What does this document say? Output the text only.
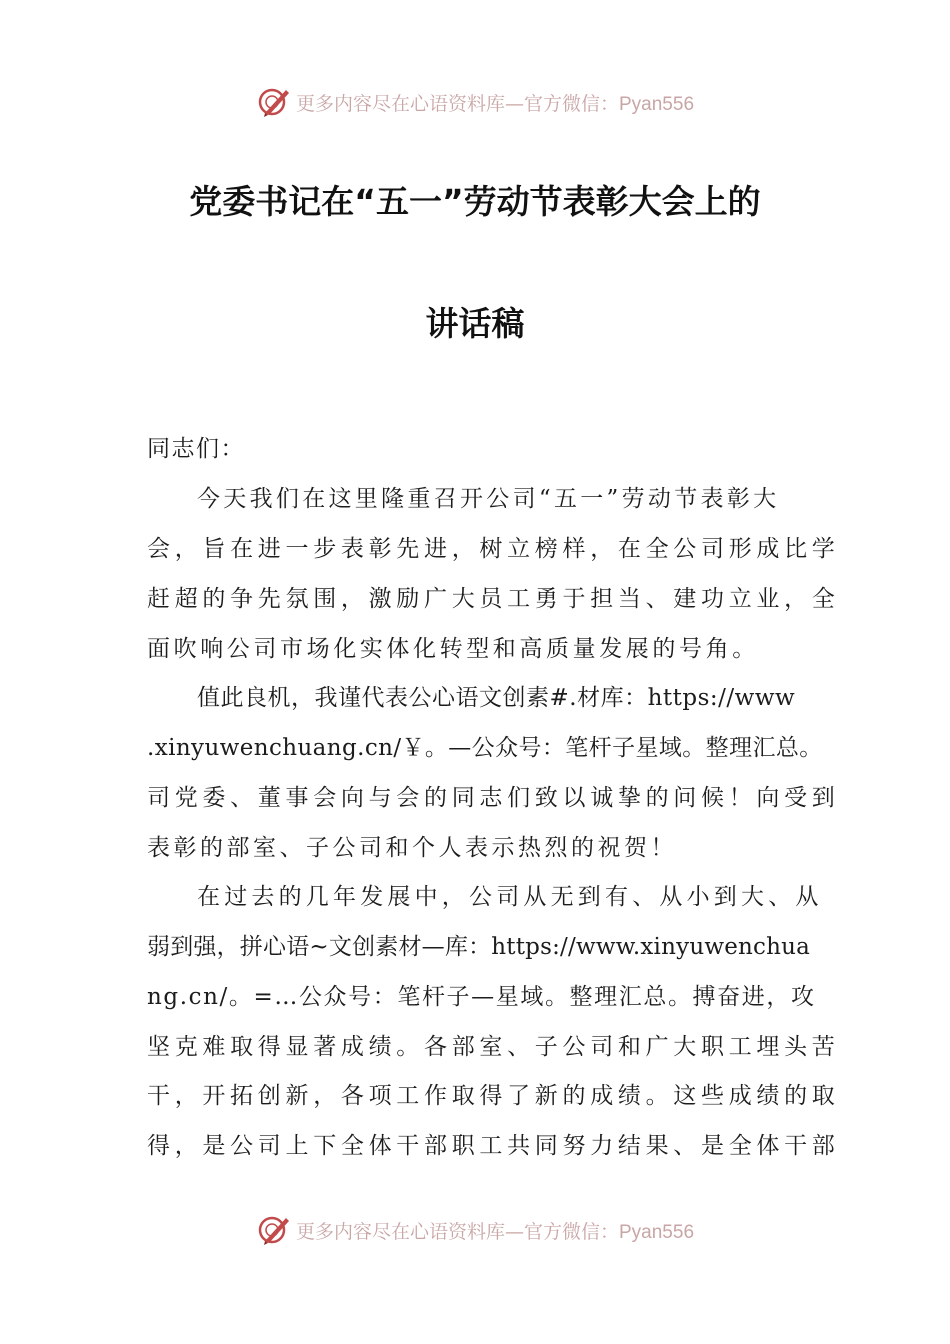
更多内容尽在心语资料库—官方微信：Pyan556
党委书记在“五一”劳动节表彰大会上的
讲话稿
同志们：
今天我们在这里隆重召开公司“五一”劳动节表彰大
会，旨在进一步表彰先进，树立榜样，在全公司形成比学
赶超的争先氛围，激励广大员工勇于担当、建功立业，全
面吹响公司市场化实体化转型和高质量发展的号角。
值此良机，我谨代表公心语文创素#.材库：https://www
.xinyuwenchuang.cn/￥。—公众号：笔杆子星域。整理汇总。
司党委、董事会向与会的同志们致以诚挚的问候！向受到
表彰的部室、子公司和个人表示热烈的祝贺！
在过去的几年发展中，公司从无到有、从小到大、从
弱到强，拼心语~文创素材—库：https://www.xinyuwenchua
ng.cn/。=…公众号：笔杆子—星域。整理汇总。搏奋进，攻
坚克难取得显著成绩。各部室、子公司和广大职工埋头苦
干，开拓创新，各项工作取得了新的成绩。这些成绩的取
得，是公司上下全体干部职工共同努力结果、是全体干部
更多内容尽在心语资料库—官方微信：Pyan556
